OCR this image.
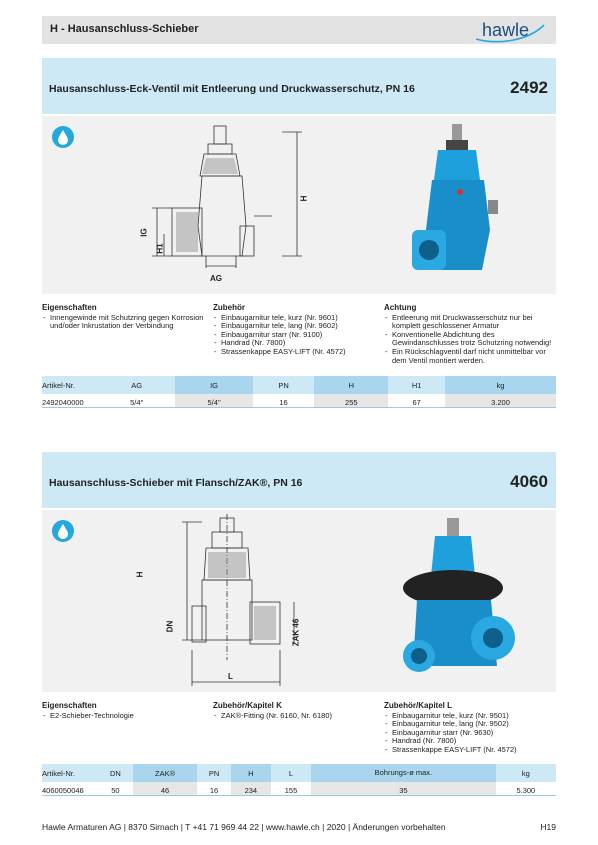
H - Hausanschluss-Schieber	hawle
Hausanschluss-Eck-Ventil mit Entleerung und Druckwasserschutz, PN 16	2492
H
IG
H1
AG
Eigenschaften
- Innengewinde mit Schutzring gegen Korrosion und/oder Inkrustation der Verbindung
Zubehör
- Einbaugarnitur tele, kurz (Nr. 9601)
- Einbaugarnitur tele, lang (Nr. 9602)
- Einbaugarnitur starr (Nr. 9100)
- Handrad (Nr. 7800)
- Strassenkappe EASY-LIFT (Nr. 4572)
Achtung
- Entleerung mit Druckwasserschutz nur bei komplett geschlossener Armatur
- Konventionelle Abdichtung des Gewindanschlusses trotz Schutzring notwendig!
- Ein Rückschlagventil darf nicht unmittelbar vor dem Ventil montiert werden.
Artikel-Nr.	AG	IG	PN	H	H1	kg
2492040000	5/4"	5/4"	16	255	67	3.200
Hausanschluss-Schieber mit Flansch/ZAK®, PN 16	4060
H
DN	ZAK 46
L
Eigenschaften
- E2-Schieber-Technologie
Zubehör/Kapitel K
- ZAK®-Fitting (Nr. 6160, Nr. 6180)
Zubehör/Kapitel L
- Einbaugarnitur tele, kurz (Nr. 9501)
- Einbaugarnitur tele, lang (Nr. 9502)
- Einbaugarnitur starr (Nr. 9630)
- Handrad (Nr. 7800)
- Strassenkappe EASY-LIFT (Nr. 4572)
Artikel-Nr.	DN	ZAK®	PN	H	L	Bohrungs-ø max.	kg
4060050046	50	46	16	234	155	35	5.300
Hawle Armaturen AG | 8370 Sirnach | T +41 71 969 44 22 | www.hawle.ch | 2020 | Änderungen vorbehalten	H19
